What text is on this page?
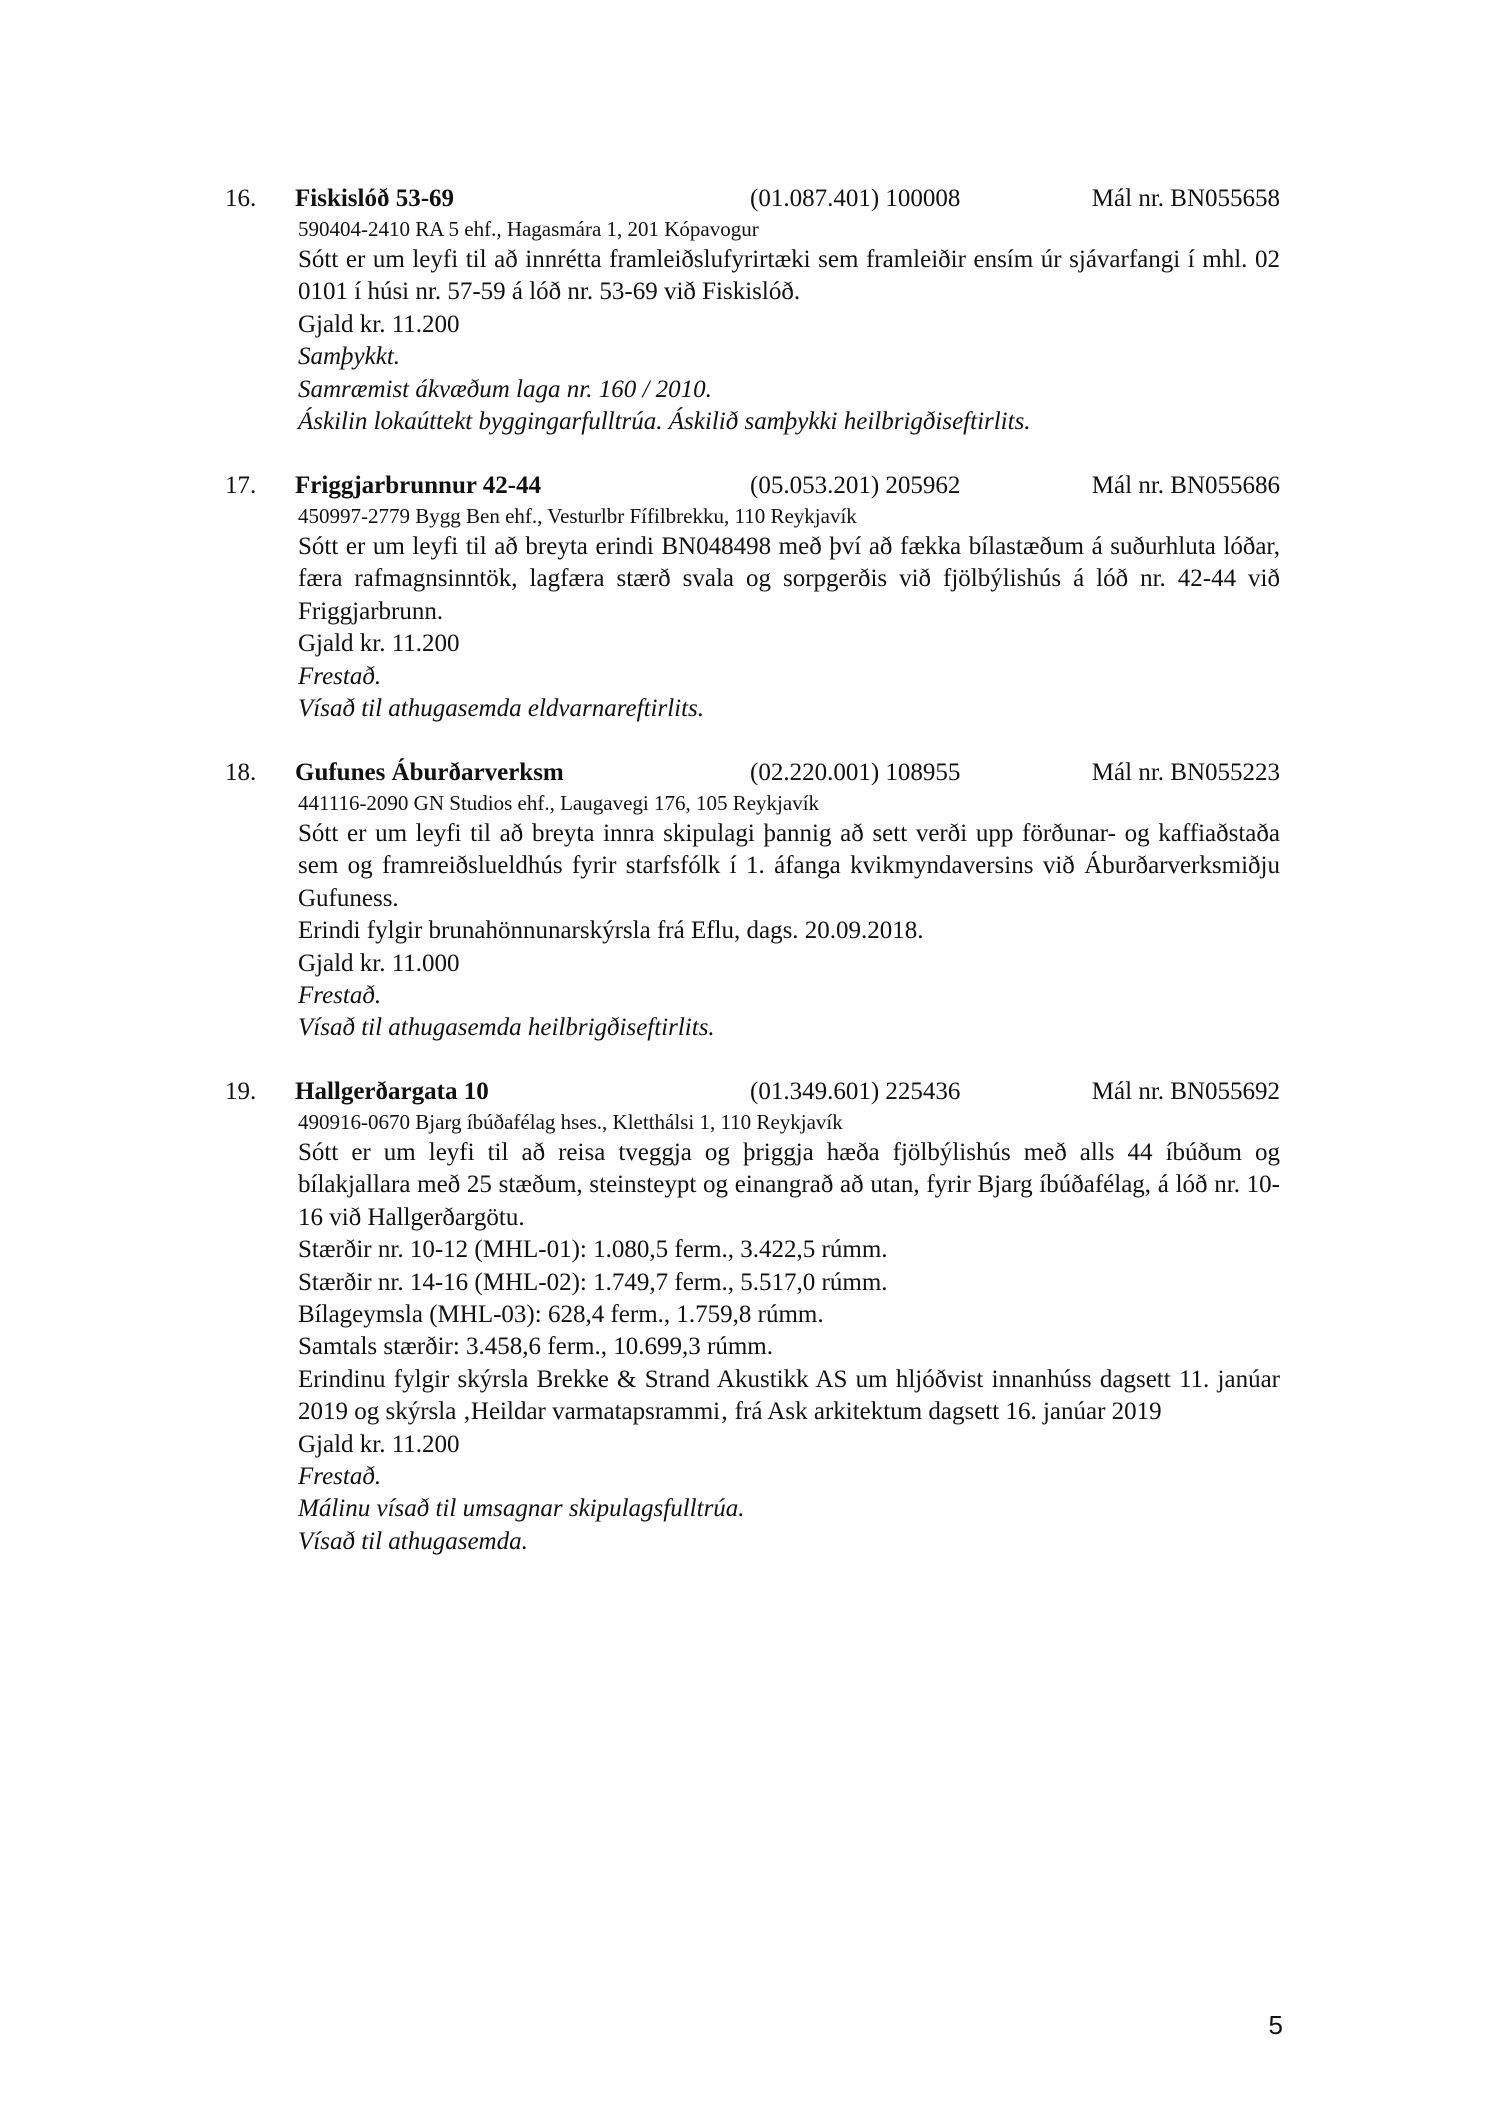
16. Fiskislóð 53-69	(01.087.401) 100008	Mál nr. BN055658
590404-2410 RA 5 ehf., Hagasmára 1, 201 Kópavogur
Sótt er um leyfi til að innrétta framleiðslufyrirtæki sem framleiðir ensím úr sjávarfangi í mhl. 02 0101 í húsi nr. 57-59 á lóð nr. 53-69 við Fiskislóð.
Gjald kr. 11.200
Samþykkt.
Samræmist ákvæðum laga nr. 160 / 2010.
Áskilin lokaúttekt byggingarfulltrúa. Áskilið samþykki heilbrigðiseftirlits.
17. Friggjarbrunnur 42-44	(05.053.201) 205962	Mál nr. BN055686
450997-2779 Bygg Ben ehf., Vesturlbr Fífilbrekku, 110 Reykjavík
Sótt er um leyfi til að breyta erindi BN048498 með því að fækka bílastæðum á suðurhluta lóðar, færa rafmagnsinntök, lagfæra stærð svala og sorpgerðis við fjölbýlishús á lóð nr. 42-44 við Friggjarbrunn.
Gjald kr. 11.200
Frestað.
Vísað til athugasemda eldvarnareftirlits.
18. Gufunes Áburðarverksm	(02.220.001) 108955	Mál nr. BN055223
441116-2090 GN Studios ehf., Laugavegi 176, 105 Reykjavík
Sótt er um leyfi til að breyta innra skipulagi þannig að sett verði upp förðunar- og kaffiaðstaða sem og framreiðslueldhús fyrir starfsfólk í 1. áfanga kvikmyndaversins við Áburðarverksmiðju Gufuness.
Erindi fylgir brunahönnunarskýrsla frá Eflu, dags. 20.09.2018.
Gjald kr. 11.000
Frestað.
Vísað til athugasemda heilbrigðiseftirlits.
19. Hallgerðargata 10	(01.349.601) 225436	Mál nr. BN055692
490916-0670 Bjarg íbúðafélag hses., Kletthálsi 1, 110 Reykjavík
Sótt er um leyfi til að reisa tveggja og þriggja hæða fjölbýlishús með alls 44 íbúðum og bílakjallara með 25 stæðum, steinsteypt og einangrað að utan, fyrir Bjarg íbúðafélag, á lóð nr. 10-16 við Hallgerðargötu.
Stærðir nr. 10-12 (MHL-01): 1.080,5 ferm., 3.422,5 rúmm.
Stærðir nr. 14-16 (MHL-02): 1.749,7 ferm., 5.517,0 rúmm.
Bílageymsla (MHL-03): 628,4 ferm., 1.759,8 rúmm.
Samtals stærðir: 3.458,6 ferm., 10.699,3 rúmm.
Erindinu fylgir skýrsla Brekke & Strand Akustikk AS um hljóðvist innanhúss dagsett 11. janúar 2019 og skýrsla ‚Heildar varmatapsrammi‚ frá Ask arkitektum dagsett 16. janúar 2019
Gjald kr. 11.200
Frestað.
Málinu vísað til umsagnar skipulagsfulltrúa.
Vísað til athugasemda.
5
